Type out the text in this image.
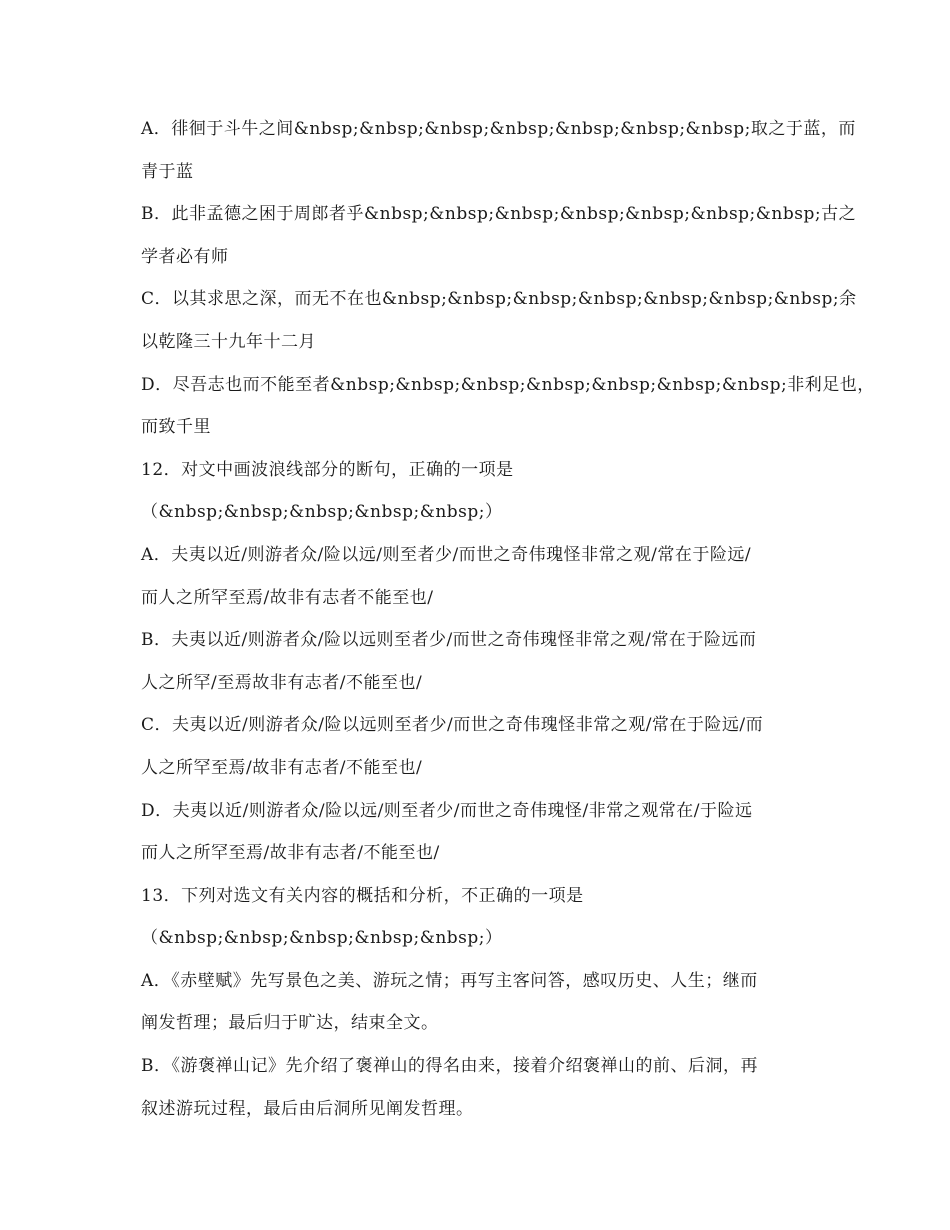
A．徘徊于斗牛之间&nbsp;&nbsp;&nbsp;&nbsp;&nbsp;&nbsp;&nbsp;取之于蓝，而
青于蓝
B．此非孟德之困于周郎者乎&nbsp;&nbsp;&nbsp;&nbsp;&nbsp;&nbsp;&nbsp;古之
学者必有师
C．以其求思之深，而无不在也&nbsp;&nbsp;&nbsp;&nbsp;&nbsp;&nbsp;&nbsp;余
以乾隆三十九年十二月
D．尽吾志也而不能至者&nbsp;&nbsp;&nbsp;&nbsp;&nbsp;&nbsp;&nbsp;非利足也，
而致千里
12．对文中画波浪线部分的断句，正确的一项是
（&nbsp;&nbsp;&nbsp;&nbsp;&nbsp;）
A．夫夷以近/则游者众/险以远/则至者少/而世之奇伟瑰怪非常之观/常在于险远/
而人之所罕至焉/故非有志者不能至也/
B．夫夷以近/则游者众/险以远则至者少/而世之奇伟瑰怪非常之观/常在于险远而
人之所罕/至焉故非有志者/不能至也/
C．夫夷以近/则游者众/险以远则至者少/而世之奇伟瑰怪非常之观/常在于险远/而
人之所罕至焉/故非有志者/不能至也/
D．夫夷以近/则游者众/险以远/则至者少/而世之奇伟瑰怪/非常之观常在/于险远
而人之所罕至焉/故非有志者/不能至也/
13．下列对选文有关内容的概括和分析，不正确的一项是
（&nbsp;&nbsp;&nbsp;&nbsp;&nbsp;）
A．《赤壁赋》先写景色之美、游玩之情；再写主客问答，感叹历史、人生；继而
阐发哲理；最后归于旷达，结束全文。
B．《游褒禅山记》先介绍了褒禅山的得名由来，接着介绍褒禅山的前、后洞，再
叙述游玩过程，最后由后洞所见阐发哲理。
